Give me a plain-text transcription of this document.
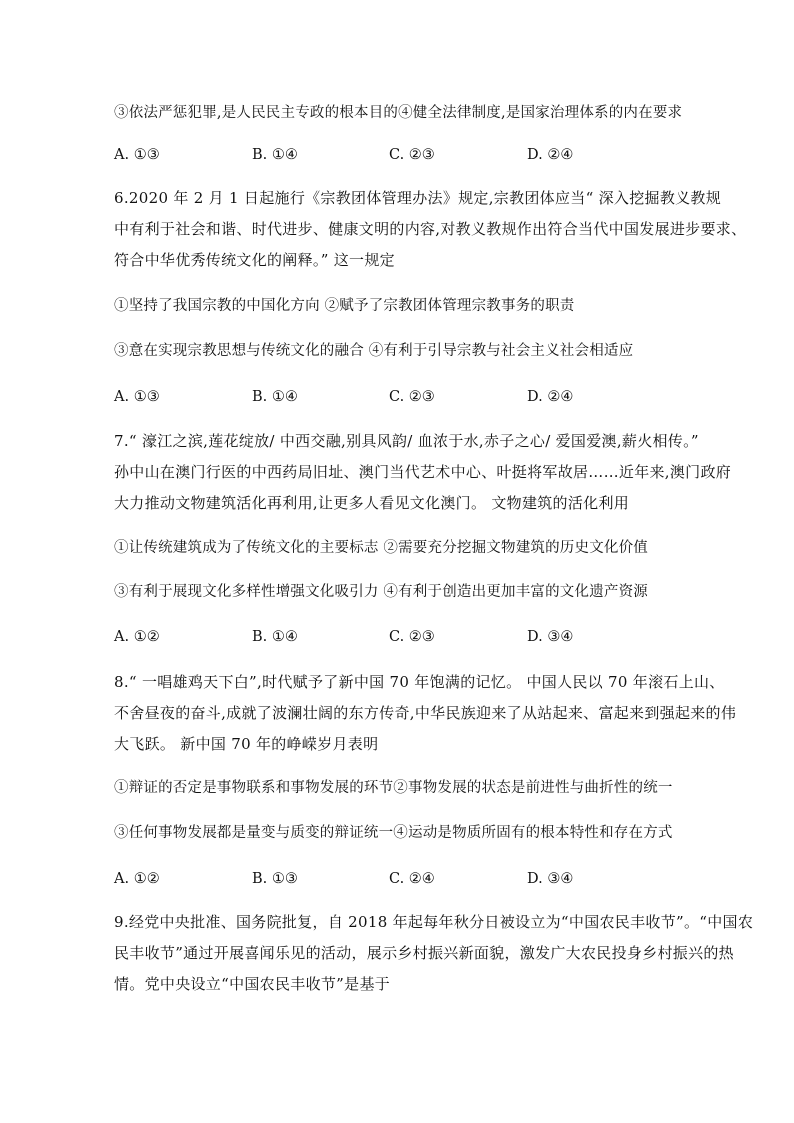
③依法严惩犯罪,是人民民主专政的根本目的④健全法律制度,是国家治理体系的内在要求
A. ①③	B. ①④	C. ②③	D. ②④
6.2020 年 2 月 1 日起施行《宗教团体管理办法》规定,宗教团体应当“ 深入挖掘教义教规
中有利于社会和谐、时代进步、健康文明的内容,对教义教规作出符合当代中国发展进步要求、
符合中华优秀传统文化的阐释。” 这一规定
①坚持了我国宗教的中国化方向 ②赋予了宗教团体管理宗教事务的职责
③意在实现宗教思想与传统文化的融合 ④有利于引导宗教与社会主义社会相适应
A. ①③	B. ①④	C. ②③	D. ②④
7.“ 濠江之滨,莲花绽放/ 中西交融,别具风韵/ 血浓于水,赤子之心/ 爱国爱澳,薪火相传。”
孙中山在澳门行医的中西药局旧址、澳门当代艺术中心、叶挺将军故居……近年来,澳门政府
大力推动文物建筑活化再利用,让更多人看见文化澳门。 文物建筑的活化利用
①让传统建筑成为了传统文化的主要标志 ②需要充分挖掘文物建筑的历史文化价值
③有利于展现文化多样性增强文化吸引力 ④有利于创造出更加丰富的文化遗产资源
A. ①②	B. ①④	C. ②③	D. ③④
8.“ 一唱雄鸡天下白”,时代赋予了新中国 70 年饱满的记忆。 中国人民以 70 年滚石上山、
不舍昼夜的奋斗,成就了波澜壮阔的东方传奇,中华民族迎来了从站起来、富起来到强起来的伟
大飞跃。 新中国 70 年的峥嵘岁月表明
①辩证的否定是事物联系和事物发展的环节②事物发展的状态是前进性与曲折性的统一
③任何事物发展都是量变与质变的辩证统一④运动是物质所固有的根本特性和存在方式
A. ①②	B. ①③	C. ②④	D. ③④
9.经党中央批准、国务院批复，自 2018 年起每年秋分日被设立为“中国农民丰收节”。“中国农
民丰收节”通过开展喜闻乐见的活动，展示乡村振兴新面貌，激发广大农民投身乡村振兴的热
情。党中央设立“中国农民丰收节”是基于
